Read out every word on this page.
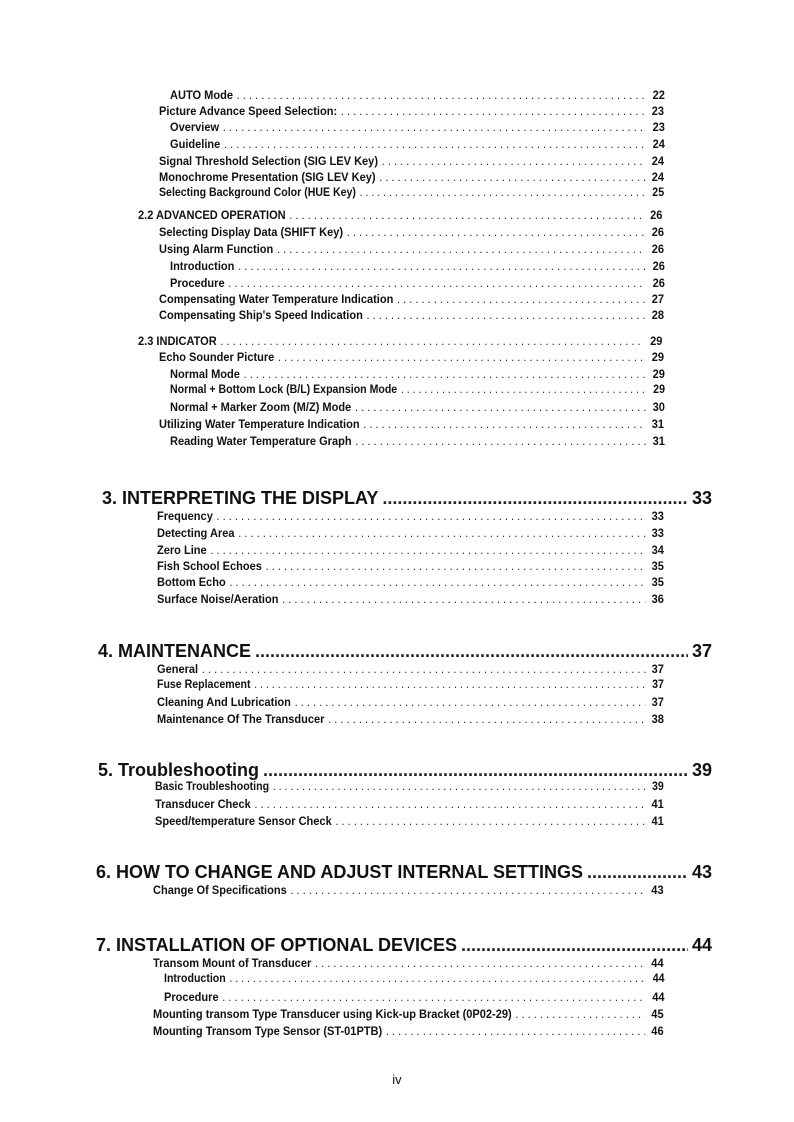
AUTO Mode . . .	22
Picture Advance Speed Selection: . . .	23
Overview . . .	23
Guideline . . .	24
Signal Threshold Selection (SIG LEV Key) . . .	24
Monochrome Presentation (SIG LEV Key) . . .	24
Selecting Background Color (HUE Key) . . .	25
2.2 ADVANCED OPERATION . . .	26
Selecting Display Data (SHIFT Key) . . .	26
Using Alarm Function . . .	26
Introduction . . .	26
Procedure . . .	26
Compensating Water Temperature Indication . . .	27
Compensating Ship's Speed Indication . . .	28
2.3 INDICATOR . . .	29
Echo Sounder Picture . . .	29
Normal Mode . . .	29
Normal + Bottom Lock (B/L) Expansion Mode . . .	29
Normal + Marker Zoom (M/Z) Mode . . .	30
Utilizing Water Temperature Indication . . .	31
Reading Water Temperature Graph . . .	31
3. INTERPRETING THE DISPLAY .....	33
Frequency . . .	33
Detecting Area . . .	33
Zero Line . . .	34
Fish School Echoes . . .	35
Bottom Echo . . .	35
Surface Noise/Aeration . . .	36
4. MAINTENANCE .....	37
General . . .	37
Fuse Replacement . . .	37
Cleaning And Lubrication . . .	37
Maintenance Of The Transducer . . .	38
5. Troubleshooting .....	39
Basic Troubleshooting . . .	39
Transducer Check . . .	41
Speed/temperature Sensor Check . . .	41
6. HOW TO CHANGE AND ADJUST INTERNAL SETTINGS .....	43
Change Of Specifications . . .	43
7. INSTALLATION OF OPTIONAL DEVICES .....	44
Transom Mount of Transducer . . .	44
Introduction . . .	44
Procedure . . .	44
Mounting transom Type Transducer using Kick-up Bracket (0P02-29) . . .	45
Mounting Transom Type Sensor (ST-01PTB) . . .	46
iv
